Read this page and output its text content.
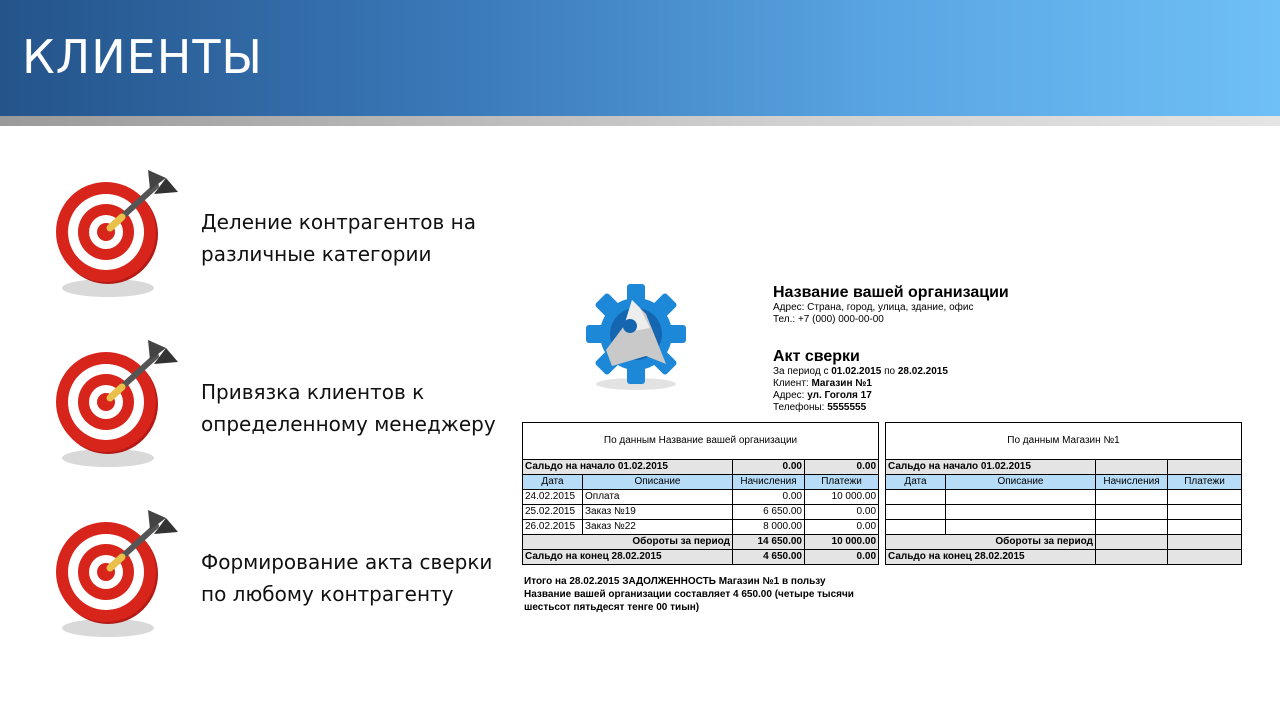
КЛИЕНТЫ
Деление контрагентов на различные категории
Привязка клиентов к определенному менеджеру
Формирование акта сверки по любому контрагенту
Название вашей организации
Адрес: Страна, город, улица, здание, офис
Тел.: +7 (000) 000-00-00
Акт сверки
За период с 01.02.2015 по 28.02.2015
Клиент: Магазин №1
Адрес: ул. Гоголя 17
Телефоны: 5555555
По данным Название вашей организации			
Сальдо на начало 01.02.2015		0.00	0.00
Дата	Описание	Начисления	Платежи
24.02.2015	Оплата	0.00	10 000.00
25.02.2015	Заказ №19	6 650.00	0.00
26.02.2015	Заказ №22	8 000.00	0.00
Обороты за период		14 650.00	10 000.00
Сальдо на конец 28.02.2015		4 650.00	0.00
По данным Магазин №1			
Сальдо на начало 01.02.2015			
Дата	Описание	Начисления	Платежи

Обороты за период			
Сальдо на конец 28.02.2015			
Итого на 28.02.2015 ЗАДОЛЖЕННОСТЬ Магазин №1 в пользу Название вашей организации составляет 4 650.00 (четыре тысячи шестьсот пятьдесят тенге 00 тиын)
